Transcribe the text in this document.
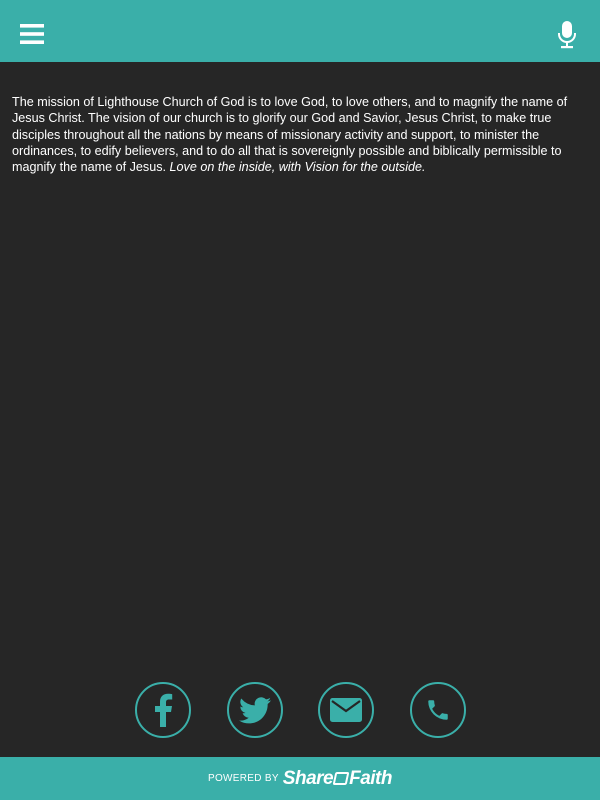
The mission of Lighthouse Church of God is to love God, to love others, and to magnify the name of Jesus Christ. The vision of our church is to glorify our God and Savior, Jesus Christ, to make true disciples throughout all the nations by means of missionary activity and support, to minister the ordinances, to edify believers, and to do all that is sovereignly possible and biblically permissible to magnify the name of Jesus. Love on the inside, with Vision for the outside.
POWERED BY Share Faith
